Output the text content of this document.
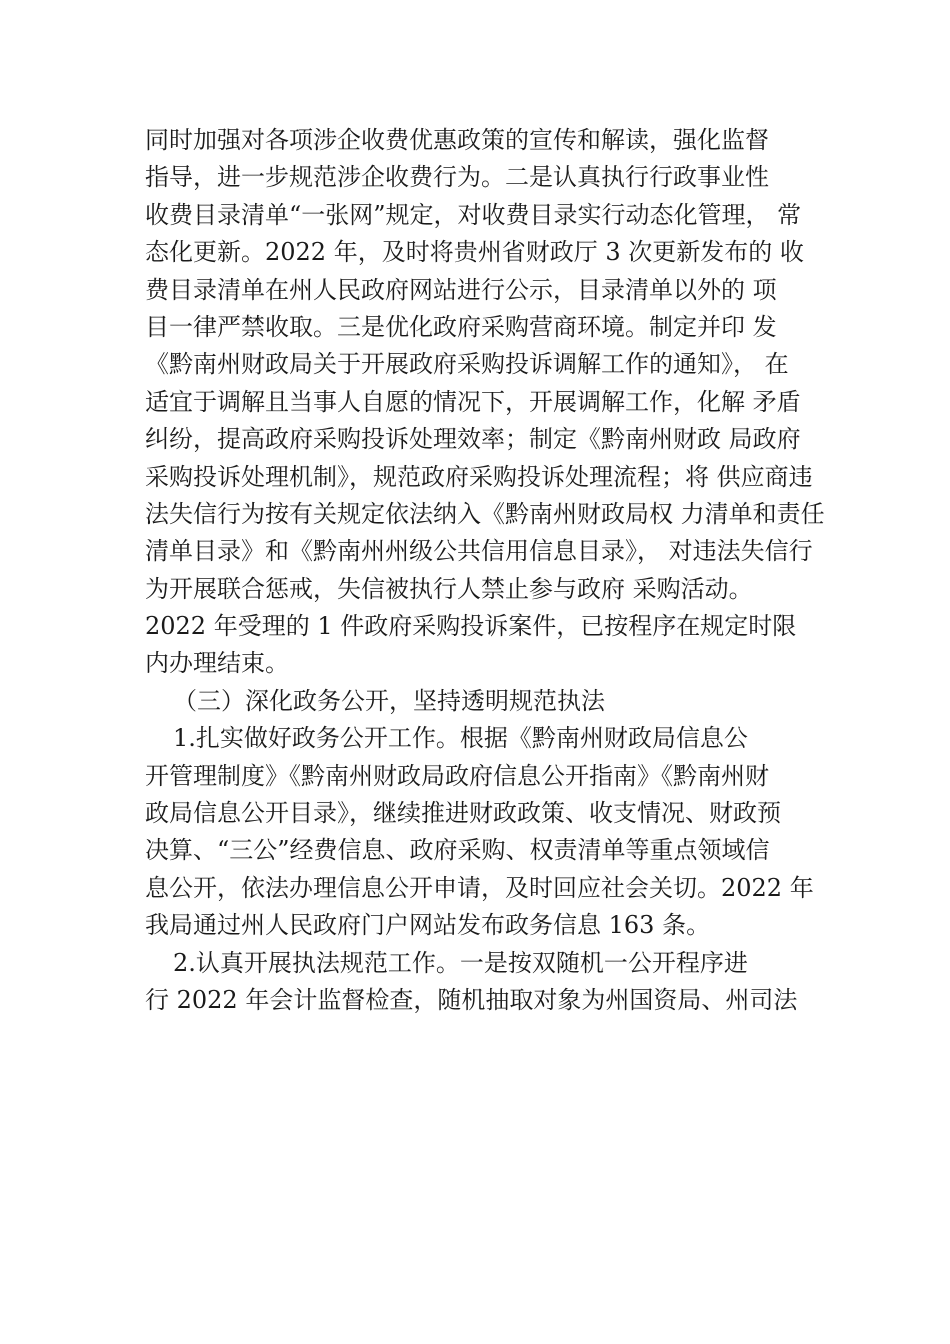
同时加强对各项涉企收费优惠政策的宣传和解读，强化监督
指导，进一步规范涉企收费行为。二是认真执行行政事业性
收费目录清单“一张网”规定，对收费目录实行动态化管理， 常
态化更新。2022 年，及时将贵州省财政厅 3 次更新发布的 收
费目录清单在州人民政府网站进行公示，目录清单以外的 项
目一律严禁收取。三是优化政府采购营商环境。制定并印 发
《黔南州财政局关于开展政府采购投诉调解工作的通知》， 在
适宜于调解且当事人自愿的情况下，开展调解工作，化解 矛盾
纠纷，提高政府采购投诉处理效率；制定《黔南州财政 局政府
采购投诉处理机制》，规范政府采购投诉处理流程；将 供应商违
法失信行为按有关规定依法纳入《黔南州财政局权 力清单和责任
清单目录》和《黔南州州级公共信用信息目录》， 对违法失信行
为开展联合惩戒，失信被执行人禁止参与政府 采购活动。
2022 年受理的 1 件政府采购投诉案件，已按程序在规定时限
内办理结束。
（三）深化政务公开，坚持透明规范执法
1.扎实做好政务公开工作。根据《黔南州财政局信息公
开管理制度》《黔南州财政局政府信息公开指南》《黔南州财
政局信息公开目录》，继续推进财政政策、收支情况、财政预
决算、“三公”经费信息、政府采购、权责清单等重点领域信
息公开，依法办理信息公开申请，及时回应社会关切。2022 年
我局通过州人民政府门户网站发布政务信息 163 条。
2.认真开展执法规范工作。一是按双随机一公开程序进
行 2022 年会计监督检查，随机抽取对象为州国资局、州司法
